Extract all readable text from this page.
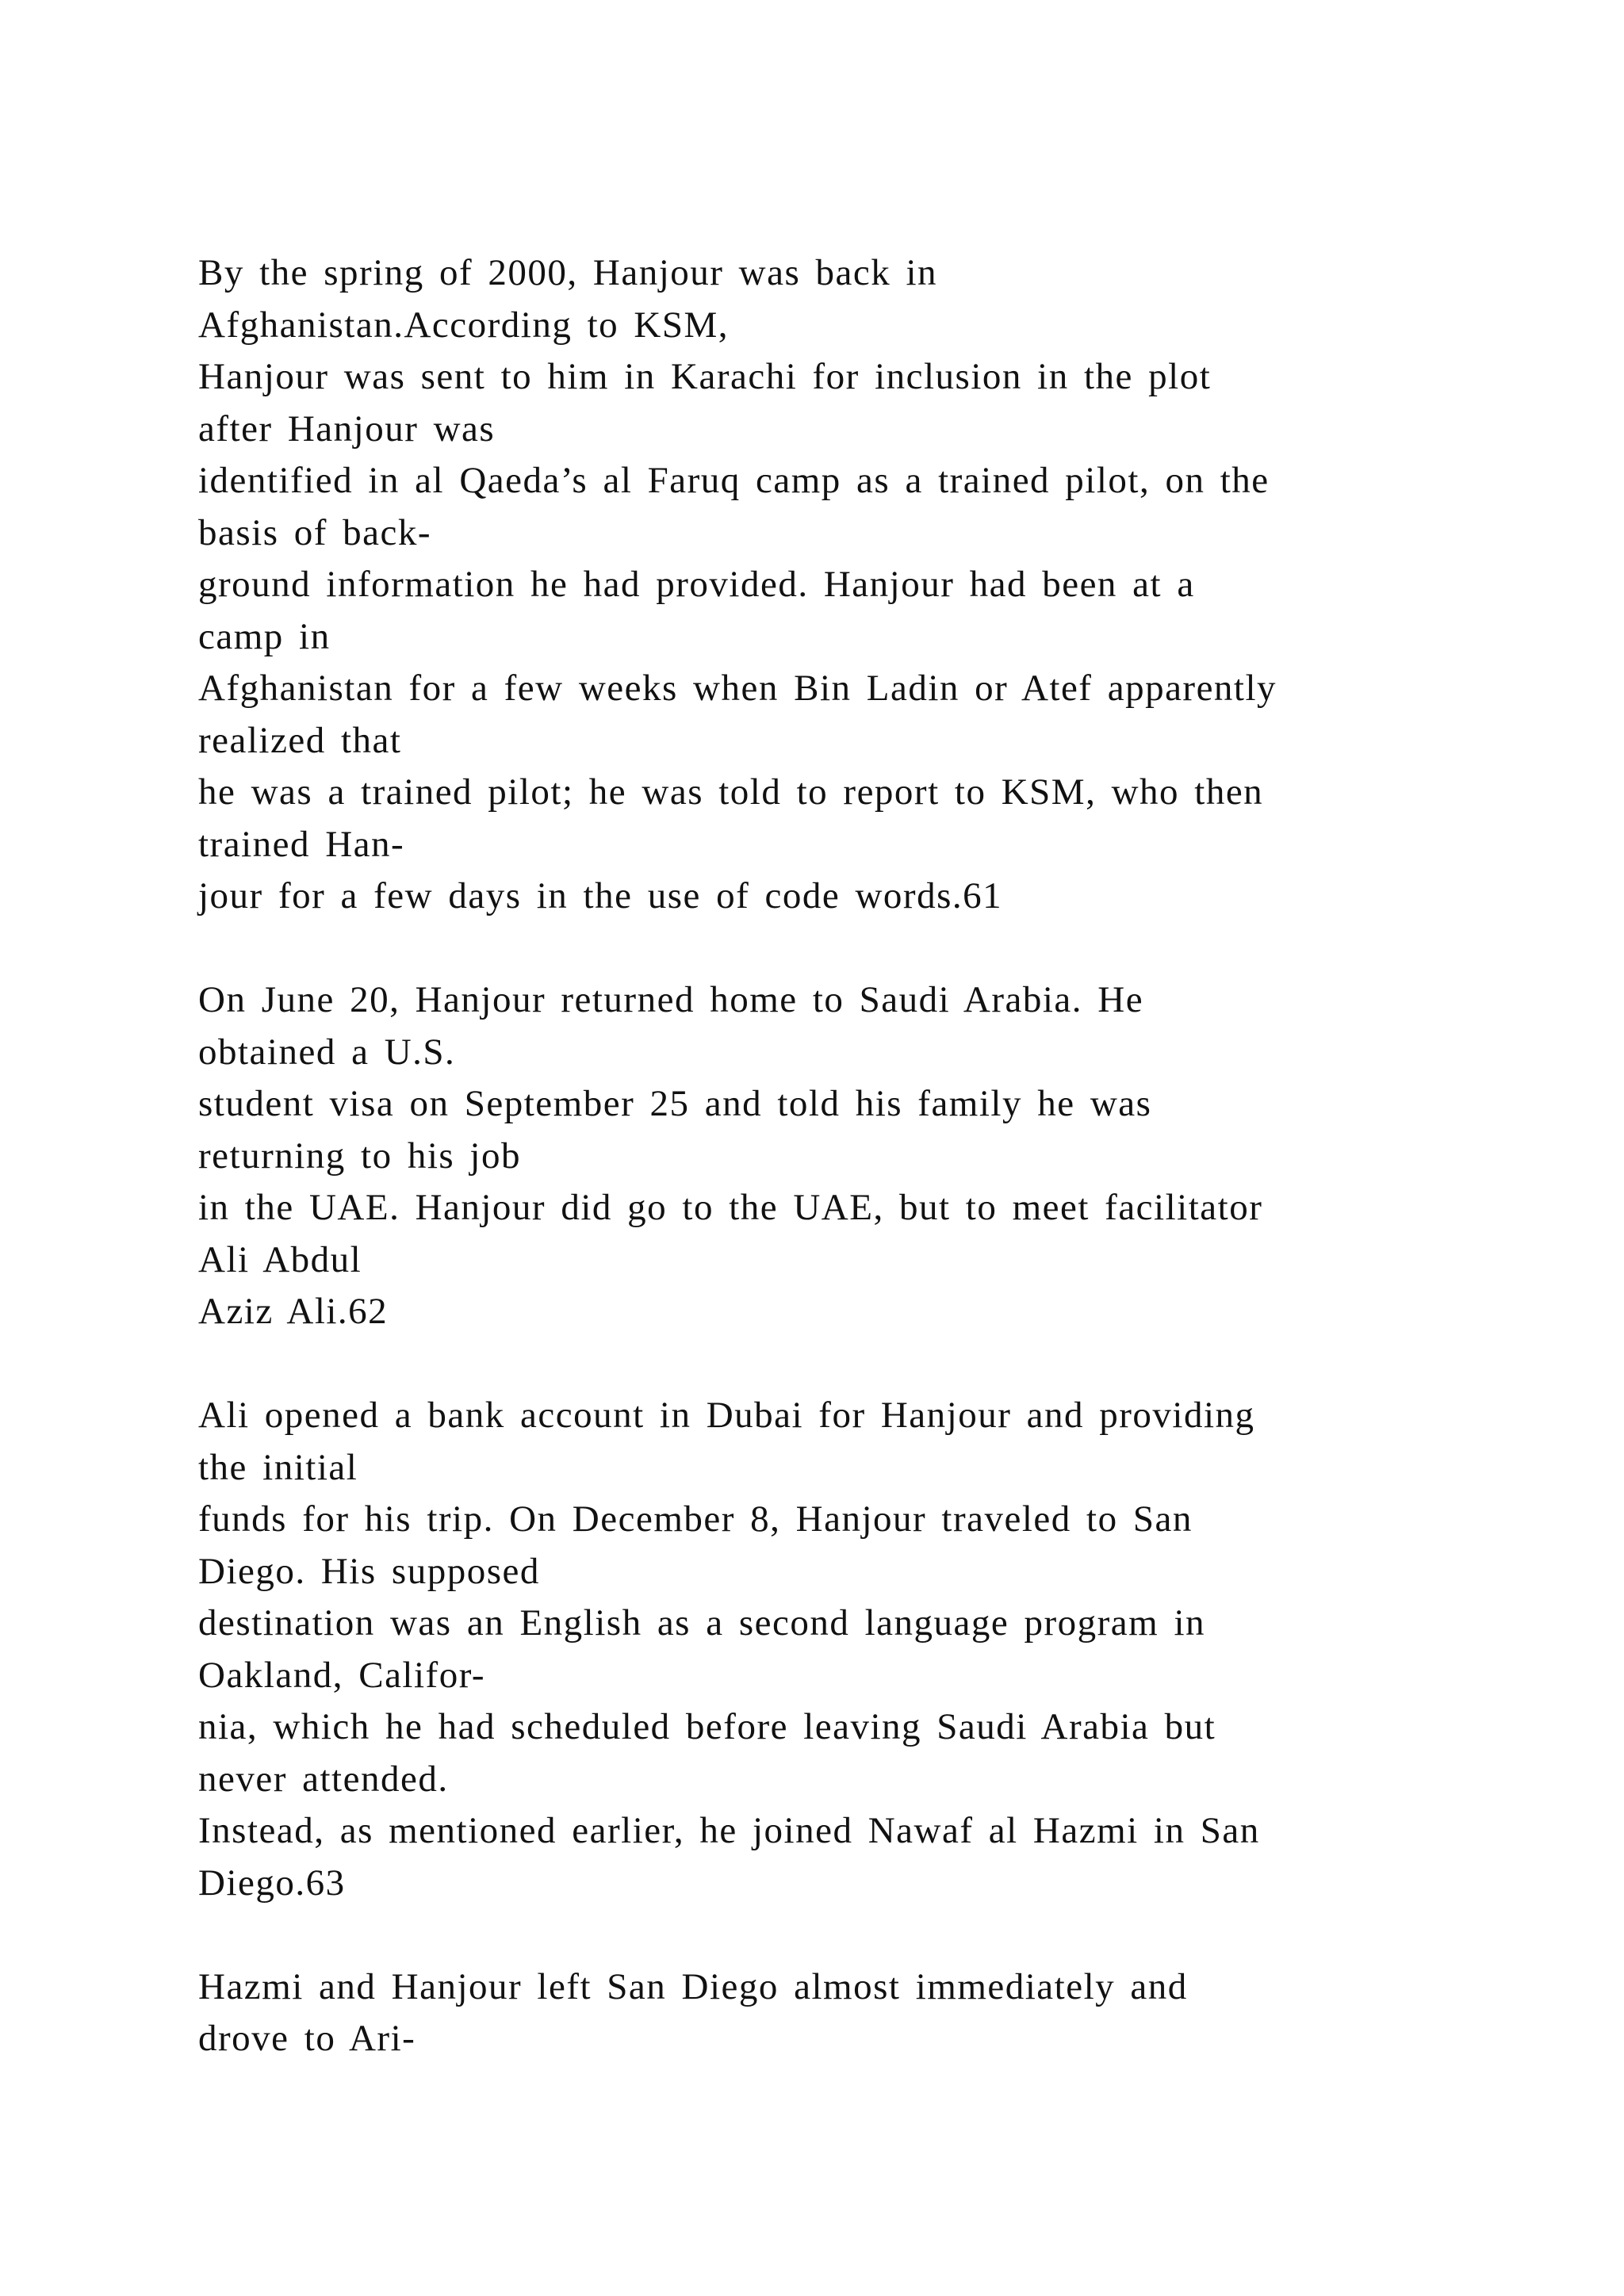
By the spring of 2000, Hanjour was back in
Afghanistan.According to KSM,
Hanjour was sent to him in Karachi for inclusion in the plot
after Hanjour was
identified in al Qaeda’s al Faruq camp as a trained pilot, on the
basis of back-
ground information he had provided. Hanjour had been at a
camp in
Afghanistan for a few weeks when Bin Ladin or Atef apparently
realized that
he was a trained pilot; he was told to report to KSM, who then
trained Han-
jour for a few days in the use of code words.61

On June 20, Hanjour returned home to Saudi Arabia. He
obtained a U.S.
student visa on September 25 and told his family he was
returning to his job
in the UAE. Hanjour did go to the UAE, but to meet facilitator
Ali Abdul
Aziz Ali.62

Ali opened a bank account in Dubai for Hanjour and providing
the initial
funds for his trip. On December 8, Hanjour traveled to San
Diego. His supposed
destination was an English as a second language program in
Oakland, Califor-
nia, which he had scheduled before leaving Saudi Arabia but
never attended.
Instead, as mentioned earlier, he joined Nawaf al Hazmi in San
Diego.63

Hazmi and Hanjour left San Diego almost immediately and
drove to Ari-
